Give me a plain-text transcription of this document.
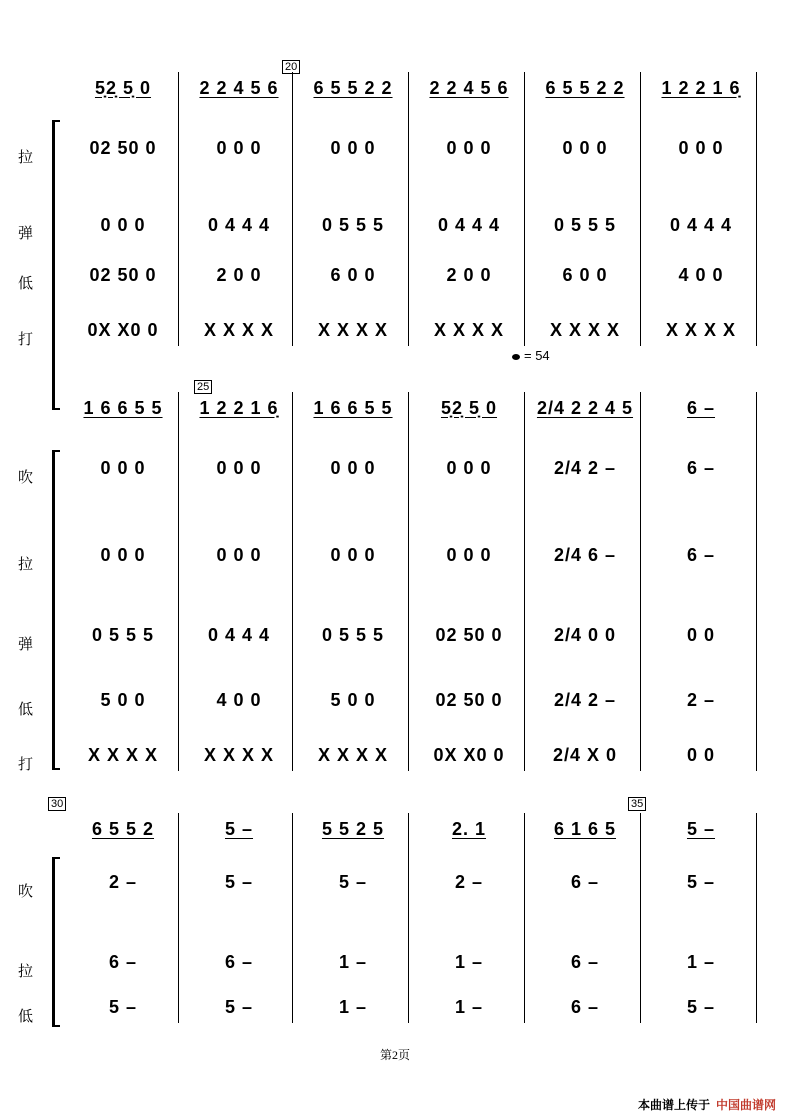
20
25
30	35
= 54
第2页
本曲谱上传于 中国曲谱网
5̣2̣ 5̣ 0	2 2 4 5 6	6 5 5 2 2	2 2 4 5 6	6 5 5 2 2	1 2 2 1 6̣
拉	02 50 0	0 0 0	0 0 0	0 0 0	0 0 0	0 0 0
弹	0 0 0	0 4 4 4	0 5 5 5	0 4 4 4	0 5 5 5	0 4 4 4
低	02 50 0	2 0 0	6 0 0	2 0 0	6 0 0	4 0 0
打	0X X0 0	X X X X	X X X X	X X X X	X X X X	X X X X
1 6 6 5 5	1 2 2 1 6̣	1 6 6 5 5	5̣2̣ 5̣ 0	2/4 2 2 4 5	6 –
吹	0 0 0	0 0 0	0 0 0	0 0 0	2/4 2 –	6 –
拉	0 0 0	0 0 0	0 0 0	0 0 0	2/4 6 –	6 –
弹	0 5 5 5	0 4 4 4	0 5 5 5	02 50 0	2/4 0 0	0 0
低	5 0 0	4 0 0	5 0 0	02 50 0	2/4 2 –	2 –
打	X X X X	X X X X	X X X X	0X X0 0	2/4 X 0	0 0
6 5 5 2	5 –	5 5 2 5	2. 1	6 1 6 5	5 –
吹	2 –	5 –	5 –	2 –	6 –	5 –
拉	6 –	6 –	1 –	1 –	6 –	1 –
低	5 –	5 –	1 –	1 –	6 –	5 –
